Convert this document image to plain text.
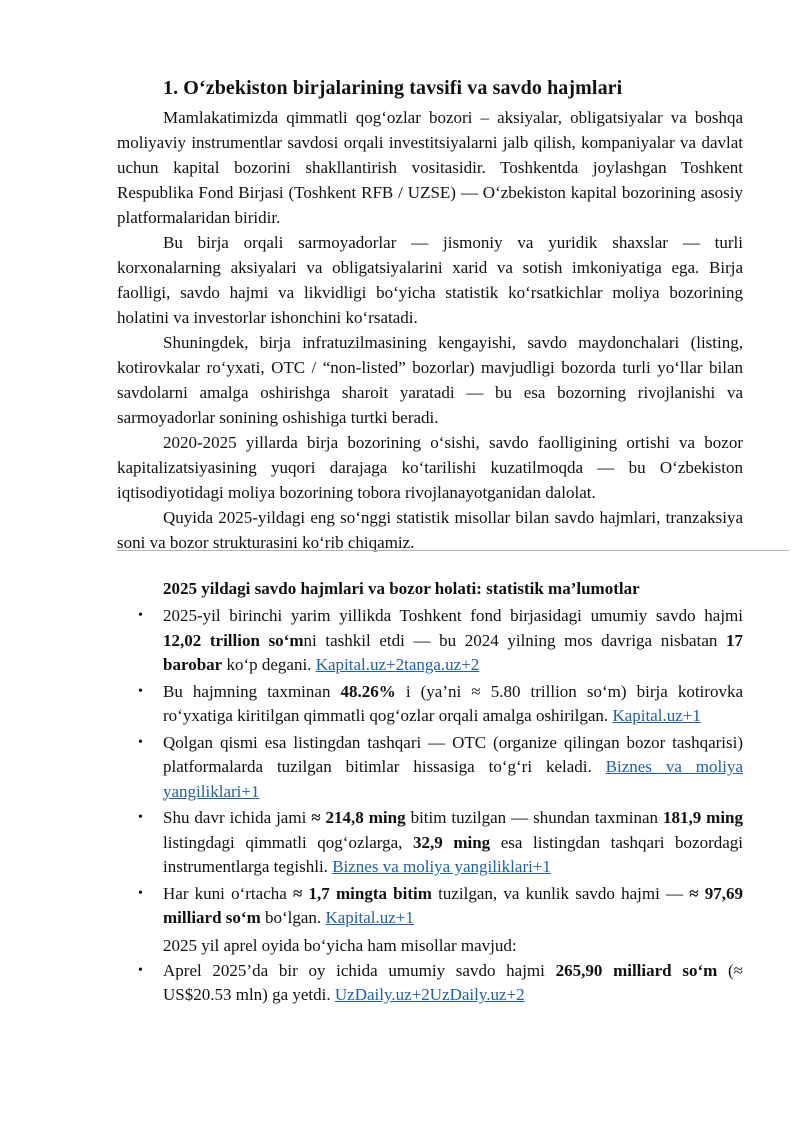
1. O‘zbekiston birjalarining tavsifi va savdo hajmlari

Mamlakatimizda qimmatli qog‘ozlar bozori – aksiyalar, obligatsiyalar va boshqa moliyaviy instrumentlar savdosi orqali investitsiyalarni jalb qilish, kompaniyalar va davlat uchun kapital bozorini shakllantirish vositasidir. Toshkentda joylashgan Toshkent Respublika Fond Birjasi (Toshkent RFB / UZSE) — O‘zbekiston kapital bozorining asosiy platformalaridan biridir.

Bu birja orqali sarmoyadorlar — jismoniy va yuridik shaxslar — turli korxonalarning aksiyalari va obligatsiyalarini xarid va sotish imkoniyatiga ega. Birja faolligi, savdo hajmi va likvidligi bo‘yicha statistik ko‘rsatkichlar moliya bozorining holatini va investorlar ishonchini ko‘rsatadi.

Shuningdek, birja infratuzilmasining kengayishi, savdo maydonchalari (listing, kotirovkalar ro‘yxati, OTC / “non-listed” bozorlar) mavjudligi bozorda turli yo‘llar bilan savdolarni amalga oshirishga sharoit yaratadi — bu esa bozorning rivojlanishi va sarmoyadorlar sonining oshishiga turtki beradi.

2020-2025 yillarda birja bozorining o‘sishi, savdo faolligining ortishi va bozor kapitalizatsiyasining yuqori darajaga ko‘tarilishi kuzatilmoqda — bu O‘zbekiston iqtisodiyotidagi moliya bozorining tobora rivojlanayotganidan dalolat.

Quyida 2025-yildagi eng so‘nggi statistik misollar bilan savdo hajmlari, tranzaksiya soni va bozor strukturasini ko‘rib chiqamiz.

2025 yildagi savdo hajmlari va bozor holati: statistik ma’lumotlar
• 2025-yil birinchi yarim yillikda Toshkent fond birjasidagi umumiy savdo hajmi 12,02 trillion so‘mni tashkil etdi — bu 2024 yilning mos davriga nisbatan 17 barobar ko‘p degani. Kapital.uz+2tanga.uz+2
• Bu hajmning taxminan 48.26% i (ya’ni ≈ 5.80 trillion so‘m) birja kotirovka ro‘yxatiga kiritilgan qimmatli qog‘ozlar orqali amalga oshirilgan. Kapital.uz+1
• Qolgan qismi esa listingdan tashqari — OTC (organize qilingan bozor tashqarisi) platformalarda tuzilgan bitimlar hissasiga to‘g‘ri keladi. Biznes va moliya yangiliklari+1
• Shu davr ichida jami ≈ 214,8 ming bitim tuzilgan — shundan taxminan 181,9 ming listingdagi qimmatli qog‘ozlarga, 32,9 ming esa listingdan tashqari bozordagi instrumentlarga tegishli. Biznes va moliya yangiliklari+1
• Har kuni o‘rtacha ≈ 1,7 mingta bitim tuzilgan, va kunlik savdo hajmi — ≈ 97,69 milliard so‘m bo‘lgan. Kapital.uz+1

2025 yil aprel oyida bo‘yicha ham misollar mavjud:

• Aprel 2025’da bir oy ichida umumiy savdo hajmi 265,90 milliard so‘m (≈ US$20.53 mln) ga yetdi. UzDaily.uz+2UzDaily.uz+2
